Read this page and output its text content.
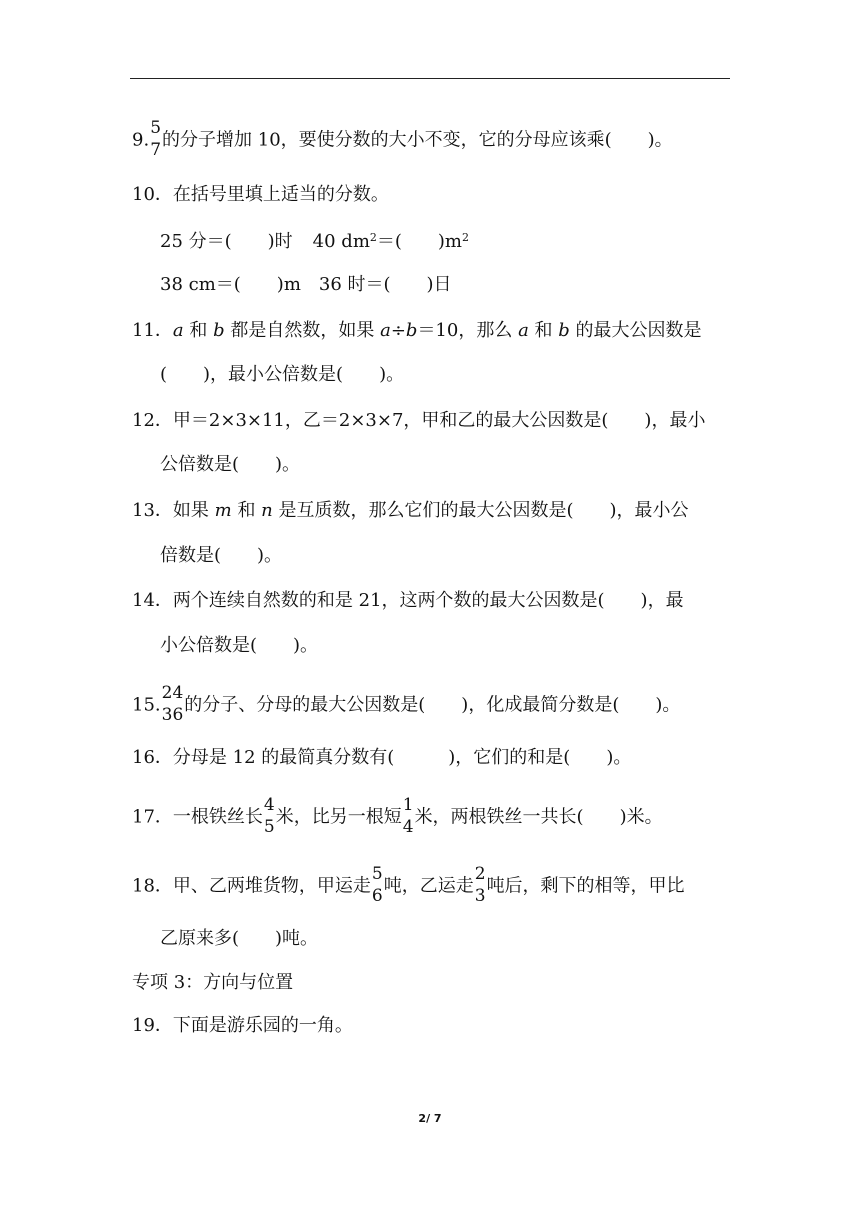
9. $\frac{5}{7}$ 的分子增加 10，要使分数的大小不变，它的分母应该乘(　　)。
10．在括号里填上适当的分数。
25 分＝(　　)时 40 $dm^2=$(　　)$m^2$
38 cm＝(　　)m 36 时＝(　　)日
11．a 和 b 都是自然数，如果 a÷b＝10，那么 a 和 b 的最大公因数是
(　　)，最小公倍数是(　　)。
12．甲＝2×3×11，乙＝2×3×7，甲和乙的最大公因数是(　　)，最小
公倍数是(　　)。
13．如果 m 和 n 是互质数，那么它们的最大公因数是(　　)，最小公
倍数是(　　)。
14．两个连续自然数的和是 21，这两个数的最大公因数是(　　)，最
小公倍数是(　　)。
15. $\frac{24}{36}$ 的分子、分母的最大公因数是(　　)，化成最简分数是(　　)。
16．分母是 12 的最简真分数有(　　　)，它们的和是(　　)。
17．一根铁丝长 $\frac{4}{5}$ 米，比另一根短 $\frac{1}{4}$ 米，两根铁丝一共长(　　)米。
18．甲、乙两堆货物，甲运走 $\frac{5}{6}$ 吨，乙运走 $\frac{2}{3}$ 吨后，剩下的相等，甲比
乙原来多(　　)吨。
专项 3：方向与位置
19．下面是游乐园的一角。
2/ 7
